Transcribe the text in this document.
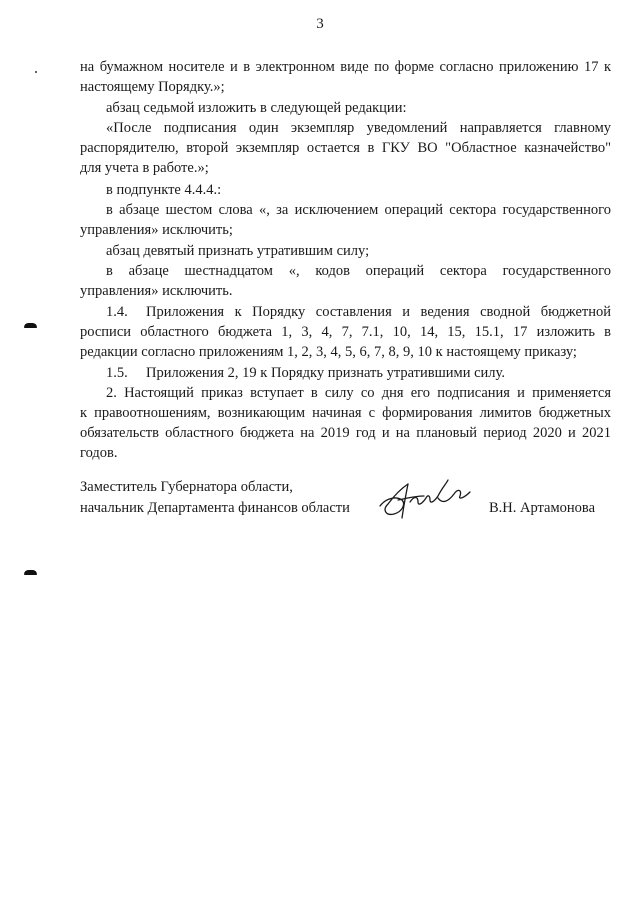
3
на бумажном носителе и в электронном виде по форме согласно приложению 17 к
настоящему Порядку.»;
абзац седьмой изложить в следующей редакции:
«После подписания один экземпляр уведомлений направляется главному
распорядителю, второй экземпляр остается в ГКУ ВО "Областное казначейство"
для учета в работе.»;
в подпункте 4.4.4.:
в абзаце шестом слова «, за исключением операций сектора государственного
управления» исключить;
абзац девятый признать утратившим силу;
в абзаце шестнадцатом «, кодов операций сектора государственного
управления» исключить.
1.4. Приложения к Порядку составления и ведения сводной бюджетной
росписи областного бюджета 1, 3, 4, 7, 7.1, 10, 14, 15, 15.1, 17 изложить в
редакции согласно приложениям 1, 2, 3, 4, 5, 6, 7, 8, 9, 10 к настоящему приказу;
1.5. Приложения 2, 19 к Порядку признать утратившими силу.
2. Настоящий приказ вступает в силу со дня его подписания и применяется
к правоотношениям, возникающим начиная с формирования лимитов бюджетных
обязательств областного бюджета на 2019 год и на плановый период 2020 и 2021
годов.
Заместитель Губернатора области,
начальник Департамента финансов области	В.Н. Артамонова
